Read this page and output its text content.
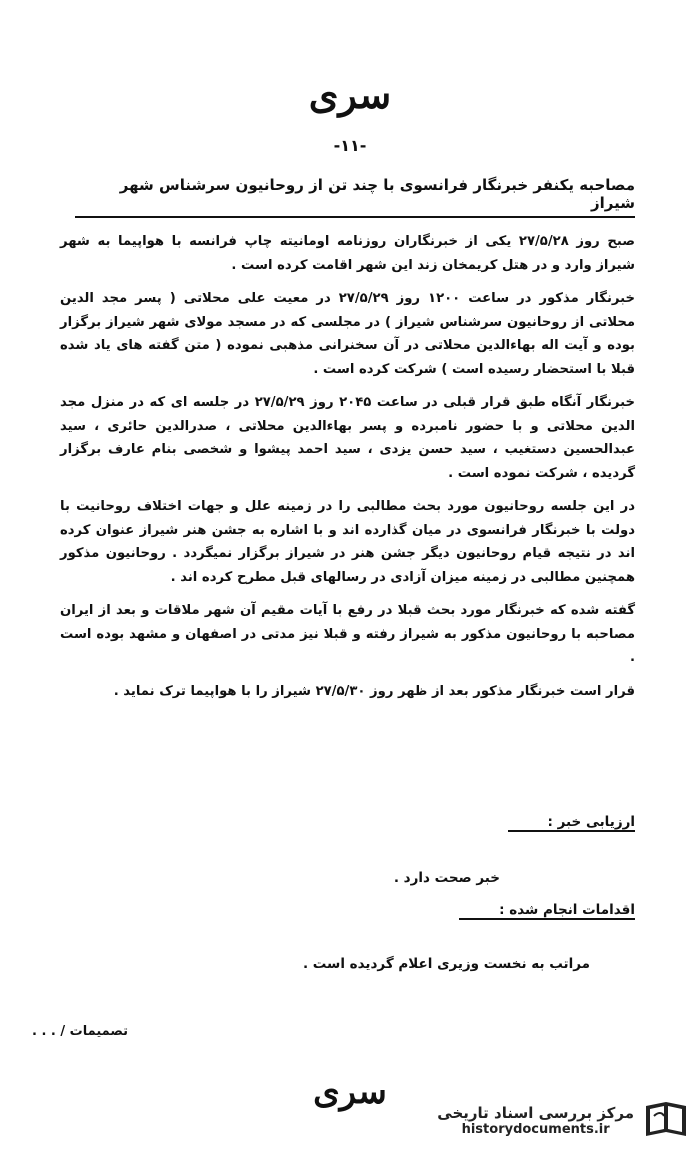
سری
-۱۱-
مصاحبه یکنفر خبرنگار فرانسوی با چند تن از روحانیون سرشناس شهر شیراز

صبح روز ۲۷/۵/۲۸ یکی از خبرنگاران روزنامه اومانیته چاپ فرانسه با هواپیما به شهر شیراز وارد و در هتل کریمخان زند این شهر اقامت کرده است .

خبرنگار مذکور در ساعت ۱۲۰۰ روز ۲۷/۵/۲۹ در معیت علی محلاتی ( پسر مجد الدین محلاتی از روحانیون سرشناس شیراز ) در مجلسی که در مسجد مولای شهر شیراز برگزار بوده و آیت اله بهاءالدین محلاتی در آن سخنرانی مذهبی نموده ( متن گفته های یاد شده قبلا با استحضار رسیده است ) شرکت کرده است .

خبرنگار آنگاه طبق قرار قبلی در ساعت ۲۰۴۵ روز ۲۷/۵/۲۹ در جلسه ای که در منزل مجد الدین محلاتی و با حضور نامبرده و پسر بهاءالدین محلاتی ، صدرالدین حائری ، سید عبدالحسین دستغیب ، سید حسن یزدی ، سید احمد پیشوا و شخصی بنام عارف برگزار گردیده ، شرکت نموده است .

در این جلسه روحانیون مورد بحث مطالبی را در زمینه علل و جهات اختلاف روحانیت با دولت با خبرنگار فرانسوی در میان گذارده اند و با اشاره به جشن هنر شیراز عنوان کرده اند در نتیجه قیام روحانیون دیگر جشن هنر در شیراز برگزار نمیگردد . روحانیون مذکور همچنین مطالبی در زمینه میزان آزادی در رسالهای قبل مطرح کرده اند .

گفته شده که خبرنگار مورد بحث قبلا در رفع با آیات مقیم آن شهر ملاقات و بعد از ایران مصاحبه با روحانیون مذکور به شیراز رفته و قبلا نیز مدتی در اصفهان و مشهد بوده است .

قرار است خبرنگار مذکور بعد از ظهر روز ۲۷/۵/۳۰ شیراز را با هواپیما ترک نماید .

ارزیابی خبر :
خبر صحت دارد .
اقدامات انجام شده :
مراتب به نخست وزیری اعلام گردیده است .
تصمیمات / . . .
سری
مرکز بررسی اسناد تاریخی
historydocuments.ir
